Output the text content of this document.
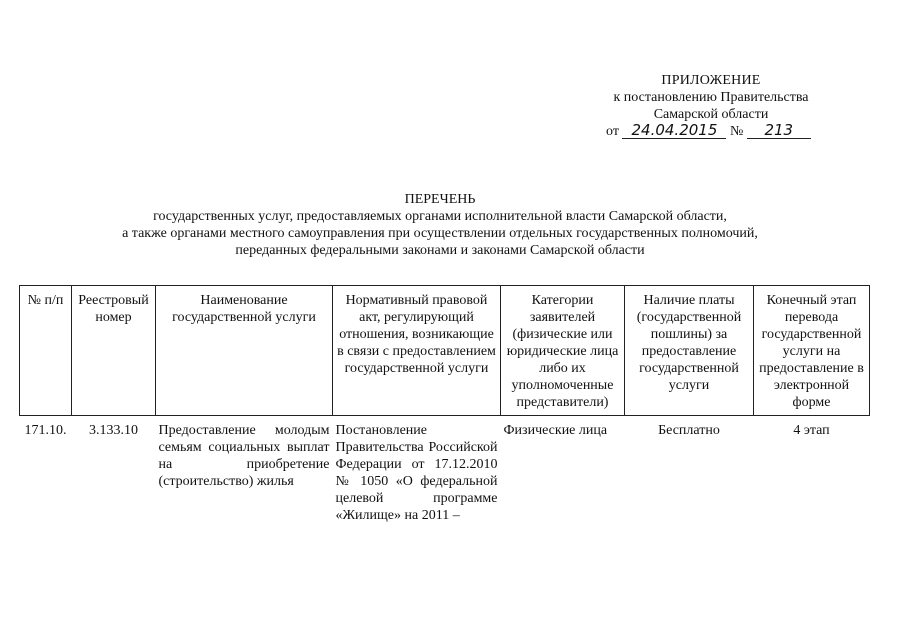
ПРИЛОЖЕНИЕ
к постановлению Правительства
Самарской области
от 24.04.2015 № 213
ПЕРЕЧЕНЬ
государственных услуг, предоставляемых органами исполнительной власти Самарской области,
а также органами местного самоуправления при осуществлении отдельных государственных полномочий,
переданных федеральными законами и законами Самарской области
№ п/п	Реестровый номер	Наименование государственной услуги	Нормативный правовой акт, регулирующий отношения, возникающие в связи с предоставлением государственной услуги	Категории заявителей (физические или юридические лица либо их уполномоченные представители)	Наличие платы (государственной пошлины) за предоставление государственной услуги	Конечный этап перевода государственной услуги на предоставление в электронной форме
171.10.	3.133.10	Предоставление молодым семьям социальных выплат на приобретение (строительство) жилья	Постановление Правительства Российской Федерации от 17.12.2010 № 1050 «О федеральной целевой программе «Жилище» на 2011 –	Физические лица	Бесплатно	4 этап
